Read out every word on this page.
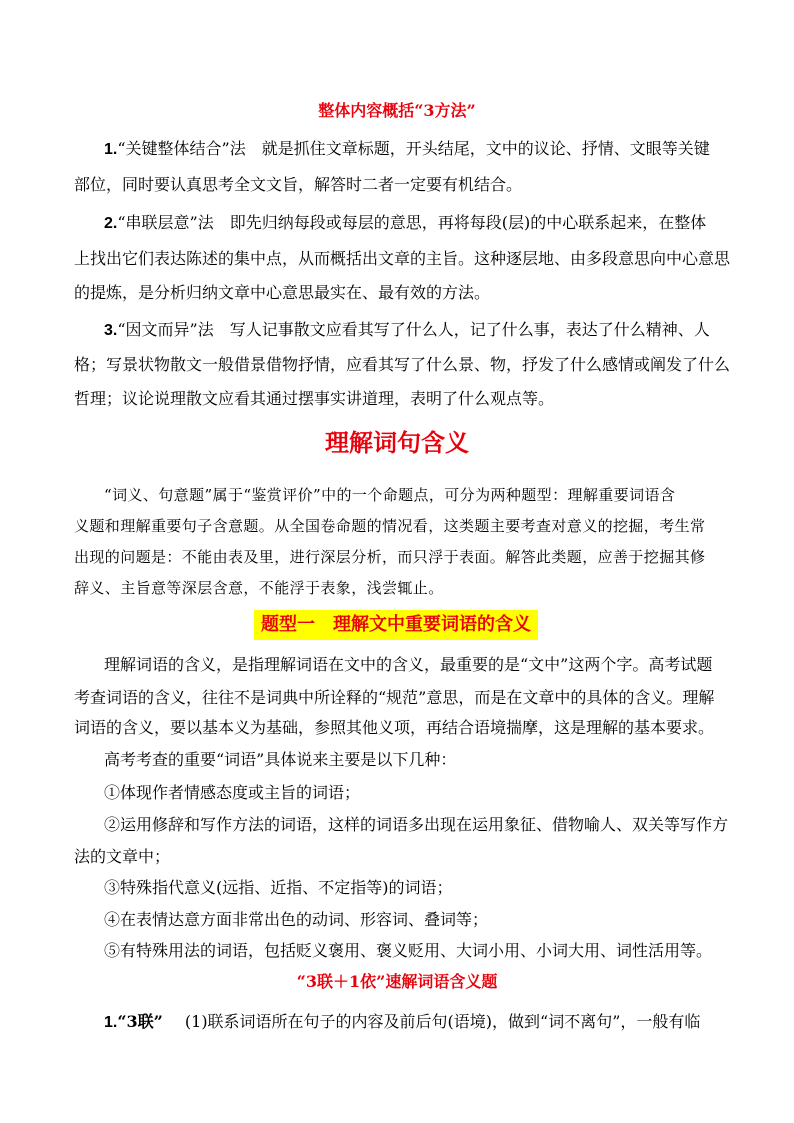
整体内容概括“3方法”
1.“关键整体结合”法　就是抓住文章标题，开头结尾，文中的议论、抒情、文眼等关键
部位，同时要认真思考全文文旨，解答时二者一定要有机结合。
2.“串联层意”法　即先归纳每段或每层的意思，再将每段(层)的中心联系起来，在整体
上找出它们表达陈述的集中点，从而概括出文章的主旨。这种逐层地、由多段意思向中心意思
的提炼，是分析归纳文章中心意思最实在、最有效的方法。
3.“因文而异”法　写人记事散文应看其写了什么人，记了什么事，表达了什么精神、人
格；写景状物散文一般借景借物抒情，应看其写了什么景、物，抒发了什么感情或阐发了什么
哲理；议论说理散文应看其通过摆事实讲道理，表明了什么观点等。
理解词句含义
“词义、句意题”属于“鉴赏评价”中的一个命题点，可分为两种题型：理解重要词语含
义题和理解重要句子含意题。从全国卷命题的情况看，这类题主要考查对意义的挖掘，考生常
出现的问题是：不能由表及里，进行深层分析，而只浮于表面。解答此类题，应善于挖掘其修
辞义、主旨意等深层含意，不能浮于表象，浅尝辄止。
题型一　理解文中重要词语的含义
理解词语的含义，是指理解词语在文中的含义，最重要的是“文中”这两个字。高考试题
考查词语的含义，往往不是词典中所诠释的“规范”意思，而是在文章中的具体的含义。理解
词语的含义，要以基本义为基础，参照其他义项，再结合语境揣摩，这是理解的基本要求。
高考考查的重要“词语”具体说来主要是以下几种：
①体现作者情感态度或主旨的词语；
②运用修辞和写作方法的词语，这样的词语多出现在运用象征、借物喻人、双关等写作方
法的文章中；
③特殊指代意义(远指、近指、不定指等)的词语；
④在表情达意方面非常出色的动词、形容词、叠词等；
⑤有特殊用法的词语，包括贬义褒用、褒义贬用、大词小用、小词大用、词性活用等。
“3联＋1依”速解词语含义题
1.“3联” (1)联系词语所在句子的内容及前后句(语境)，做到“词不离句”，一般有临
